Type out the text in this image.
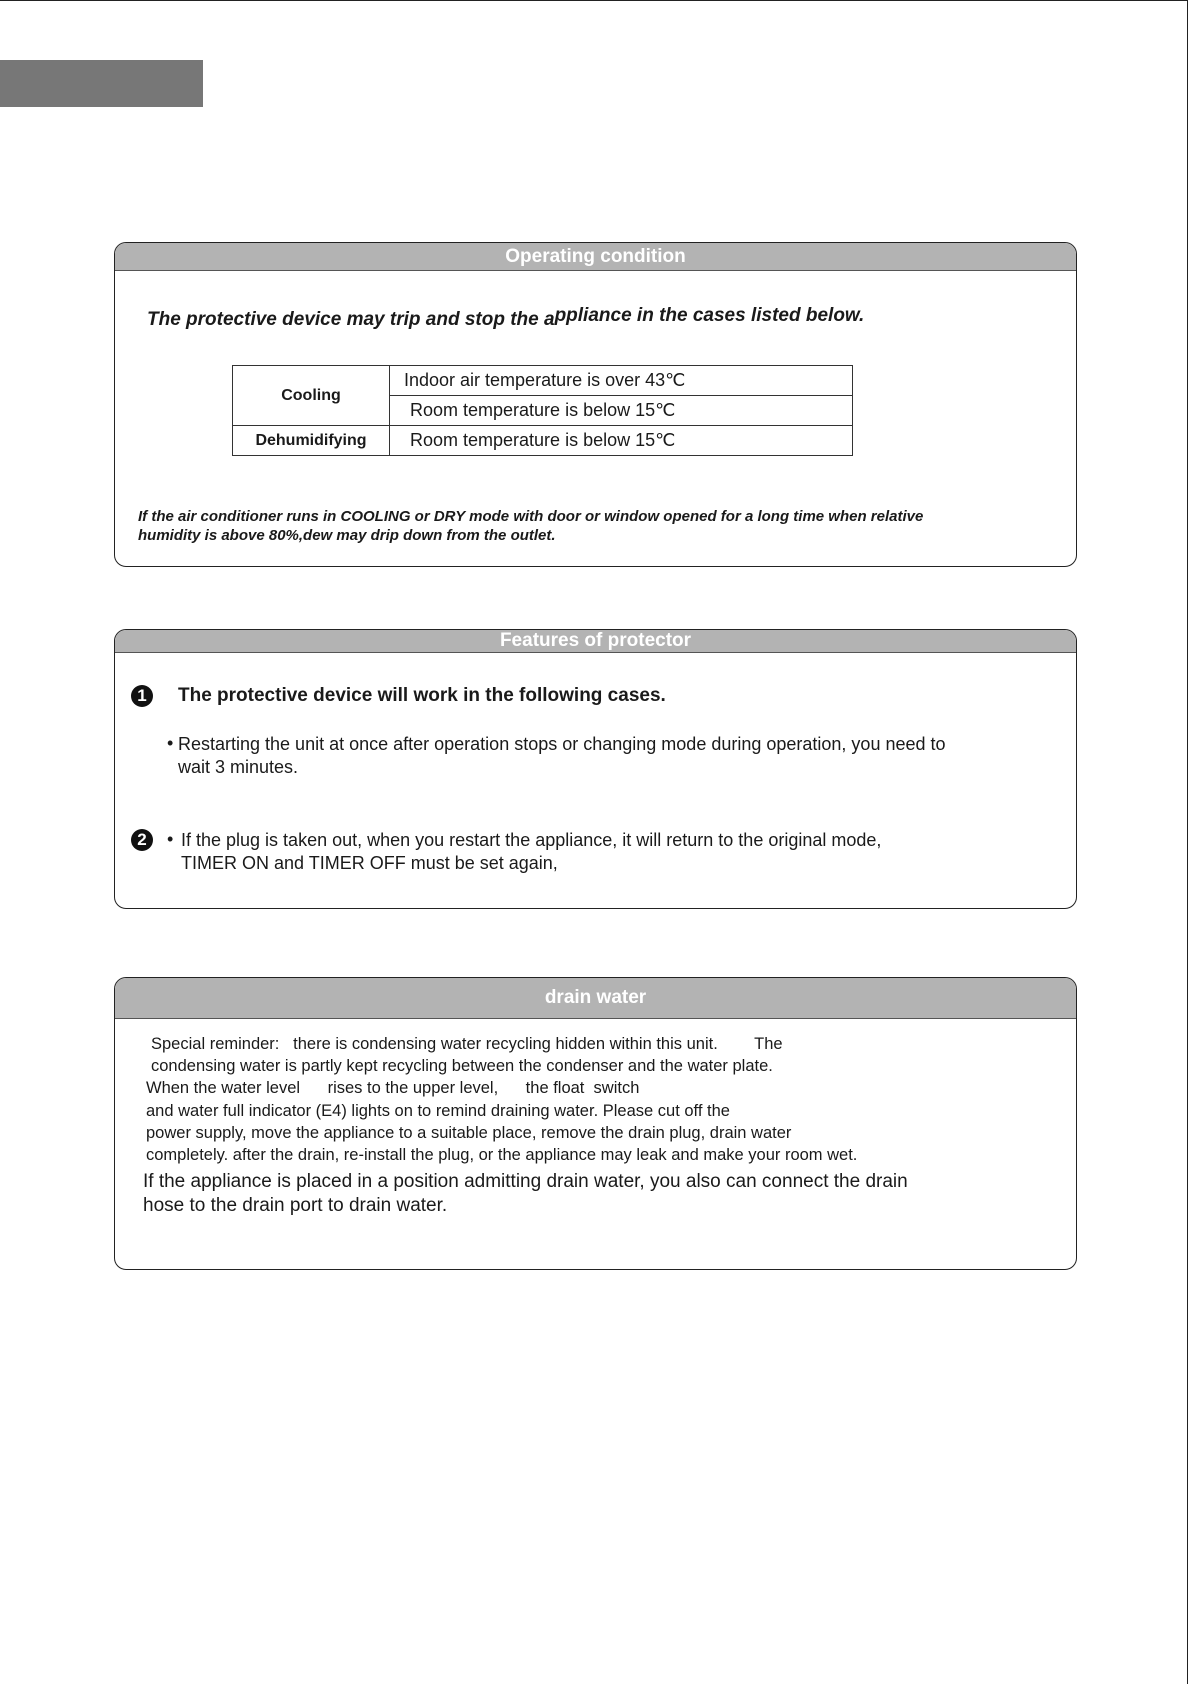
Operating condition
The protective device may trip and stop the appliance in the cases listed below.
Cooling	Indoor air temperature is over 43℃
	Room temperature is below 15℃
Dehumidifying	Room temperature is below 15℃
If the air conditioner runs in COOLING or DRY mode with door or window opened for a long time when relative
humidity is above 80%,dew may drip down from the outlet.
Features of protector
1	The protective device will work in the following cases.
• Restarting the unit at once after operation stops or changing mode during operation, you need to
wait 3 minutes.
2	• If the plug is taken out, when you restart the appliance, it will return to the original mode,
TIMER ON and TIMER OFF must be set again,
drain water
Special reminder:   there is condensing water recycling hidden within this unit.        The
condensing water is partly kept recycling between the condenser and the water plate.
When the water level      rises to the upper level,      the float  switch
and water full indicator (E4) lights on to remind draining water. Please cut off the
power supply, move the appliance to a suitable place, remove the drain plug, drain water
completely. after the drain, re-install the plug, or the appliance may leak and make your room wet.
If the appliance is placed in a position admitting drain water, you also can connect the drain
hose to the drain port to drain water.
